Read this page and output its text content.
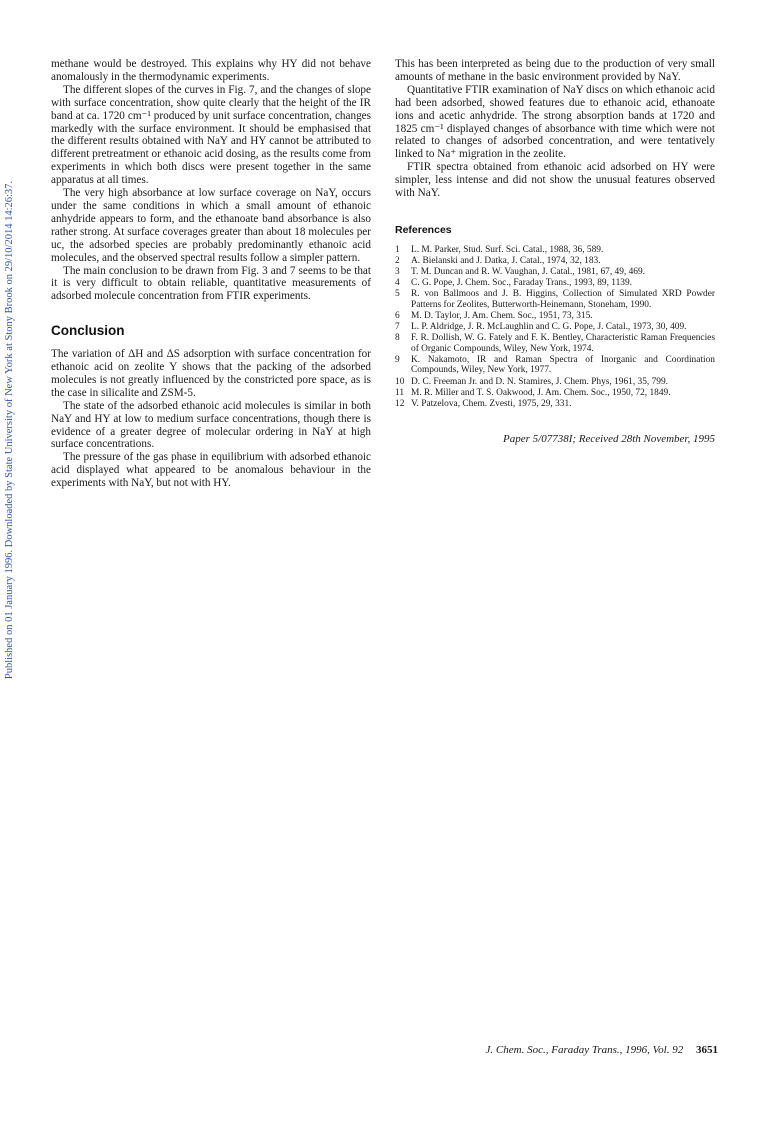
Published on 01 January 1996. Downloaded by State University of New York at Stony Brook on 29/10/2014 14:26:37.

methane would be destroyed. This explains why HY did not behave anomalously in the thermodynamic experiments.

The different slopes of the curves in Fig. 7, and the changes of slope with surface concentration, show quite clearly that the height of the IR band at ca. 1720 cm⁻¹ produced by unit surface concentration, changes markedly with the surface environment. It should be emphasised that the different results obtained with NaY and HY cannot be attributed to different pretreatment or ethanoic acid dosing, as the results come from experiments in which both discs were present together in the same apparatus at all times.

The very high absorbance at low surface coverage on NaY, occurs under the same conditions in which a small amount of ethanoic anhydride appears to form, and the ethanoate band absorbance is also rather strong. At surface coverages greater than about 18 molecules per uc, the adsorbed species are probably predominantly ethanoic acid molecules, and the observed spectral results follow a simpler pattern.

The main conclusion to be drawn from Fig. 3 and 7 seems to be that it is very difficult to obtain reliable, quantitative measurements of adsorbed molecule concentration from FTIR experiments.

Conclusion

The variation of ΔH and ΔS adsorption with surface concentration for ethanoic acid on zeolite Y shows that the packing of the adsorbed molecules is not greatly influenced by the constricted pore space, as is the case in silicalite and ZSM-5.

The state of the adsorbed ethanoic acid molecules is similar in both NaY and HY at low to medium surface concentrations, though there is evidence of a greater degree of molecular ordering in NaY at high surface concentrations.

The pressure of the gas phase in equilibrium with adsorbed ethanoic acid displayed what appeared to be anomalous behaviour in the experiments with NaY, but not with HY.

This has been interpreted as being due to the production of very small amounts of methane in the basic environment provided by NaY.

Quantitative FTIR examination of NaY discs on which ethanoic acid had been adsorbed, showed features due to ethanoic acid, ethanoate ions and acetic anhydride. The strong absorption bands at 1720 and 1825 cm⁻¹ displayed changes of absorbance with time which were not related to changes of adsorbed concentration, and were tentatively linked to Na⁺ migration in the zeolite.

FTIR spectra obtained from ethanoic acid adsorbed on HY were simpler, less intense and did not show the unusual features observed with NaY.

References
1	L. M. Parker, Stud. Surf. Sci. Catal., 1988, 36, 589.
2	A. Bielanski and J. Datka, J. Catal., 1974, 32, 183.
3	T. M. Duncan and R. W. Vaughan, J. Catal., 1981, 67, 49, 469.
4	C. G. Pope, J. Chem. Soc., Faraday Trans., 1993, 89, 1139.
5	R. von Ballmoos and J. B. Higgins, Collection of Simulated XRD Powder Patterns for Zeolites, Butterworth-Heinemann, Stoneham, 1990.
6	M. D. Taylor, J. Am. Chem. Soc., 1951, 73, 315.
7	L. P. Aldridge, J. R. McLaughlin and C. G. Pope, J. Catal., 1973, 30, 409.
8	F. R. Dollish, W. G. Fately and F. K. Bentley, Characteristic Raman Frequencies of Organic Compounds, Wiley, New York, 1974.
9	K. Nakamoto, IR and Raman Spectra of Inorganic and Coordination Compounds, Wiley, New York, 1977.
10 D. C. Freeman Jr. and D. N. Stamires, J. Chem. Phys, 1961, 35, 799.
11 M. R. Miller and T. S. Oakwood, J. Am. Chem. Soc., 1950, 72, 1849.
12 V. Patzelova, Chem. Zvesti, 1975, 29, 331.
Paper 5/07738I; Received 28th November, 1995
J. Chem. Soc., Faraday Trans., 1996, Vol. 92 3651
